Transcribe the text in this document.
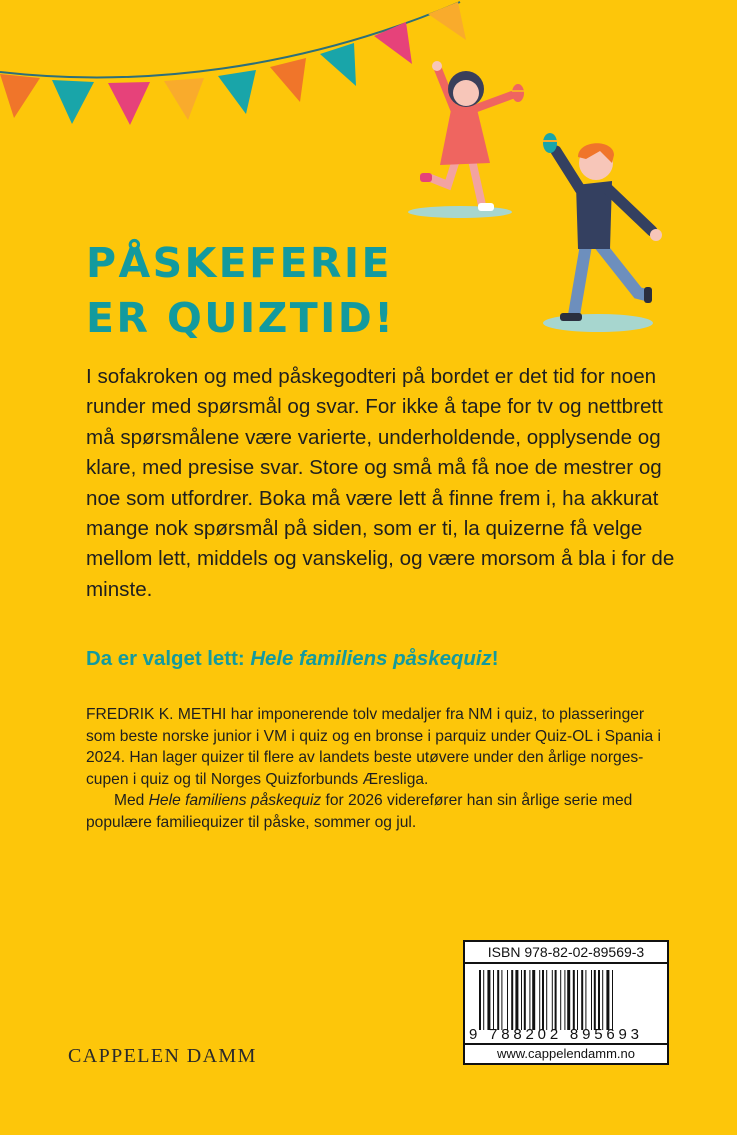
PÅSKEFERIE
ER QUIZTID!

I sofakroken og med påskegodteri på bordet er det tid for noen runder med spørsmål og svar. For ikke å tape for tv og nettbrett må spørsmålene være varierte, underholdende, opplysende og klare, med presise svar. Store og små må få noe de mestrer og noe som utfordrer. Boka må være lett å finne frem i, ha akkurat mange nok spørsmål på siden, som er ti, la quizerne få velge mellom lett, middels og vanskelig, og være morsom å bla i for de minste.

Da er valget lett: Hele familiens påskequiz!

FREDRIK K. METHI har imponerende tolv medaljer fra NM i quiz, to plasseringer som beste norske junior i VM i quiz og en bronse i parquiz under Quiz-OL i Spania i 2024. Han lager quizer til flere av landets beste utøvere under den årlige norges-cupen i quiz og til Norges Quizforbunds Æresliga.

Med Hele familiens påskequiz for 2026 viderefører han sin årlige serie med populære familiequizer til påske, sommer og jul.

CAPPELEN DAMM
ISBN 978-82-02-89569-3
9 788202 895693
www.cappelendamm.no
